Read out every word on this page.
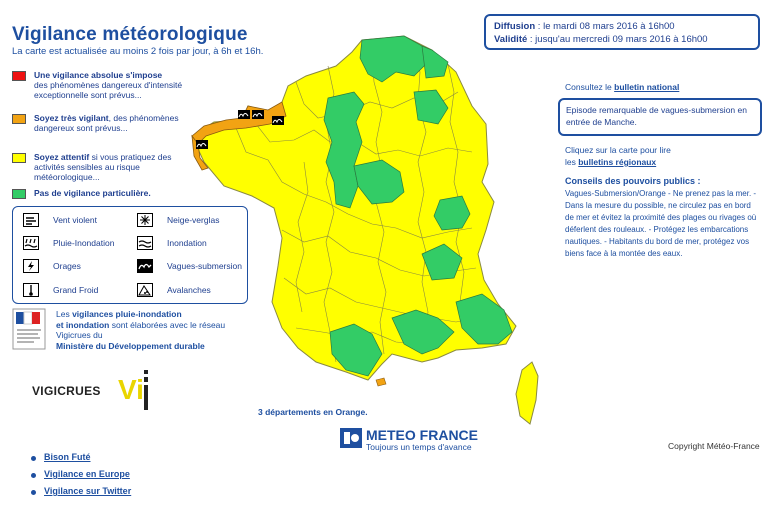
Vigilance météorologique
La carte est actualisée au moins 2 fois par jour, à 6h et 16h.
Une vigilance absolue s'impose
des phénomènes dangereux d'intensité exceptionnelle sont prévus...
Soyez très vigilant, des phénomènes dangereux sont prévus...
Soyez attentif si vous pratiquez des activités sensibles au risque météorologique...
Pas de vigilance particulière.
Vent violent	Neige-verglas
Pluie-Inondation	Inondation
Orages	Vagues-submersion
Grand Froid	Avalanches
Les vigilances pluie-inondation
et inondation sont élaborées avec le réseau Vigicrues du
Ministère du Développement durable
VIGICRUES Vi
Diffusion : le mardi 08 mars 2016 à 16h00
Validité : jusqu'au mercredi 09 mars 2016 à 16h00
Consultez le bulletin national
Episode remarquable de vagues-submersion en entrée de Manche.
Cliquez sur la carte pour lire
les bulletins régionaux
Conseils des pouvoirs publics :
Vagues-Submersion/Orange - Ne prenez pas la mer. - Dans la mesure du possible, ne circulez pas en bord de mer et évitez la proximité des plages ou rivages où déferlent des rouleaux. - Protégez les embarcations nautiques. - Habitants du bord de mer, protégez vos biens face à la montée des eaux.
3 départements en Orange.
METEO FRANCE
Toujours un temps d'avance	Copyright Météo-France
Bison Futé
Vigilance en Europe
Vigilance sur Twitter
